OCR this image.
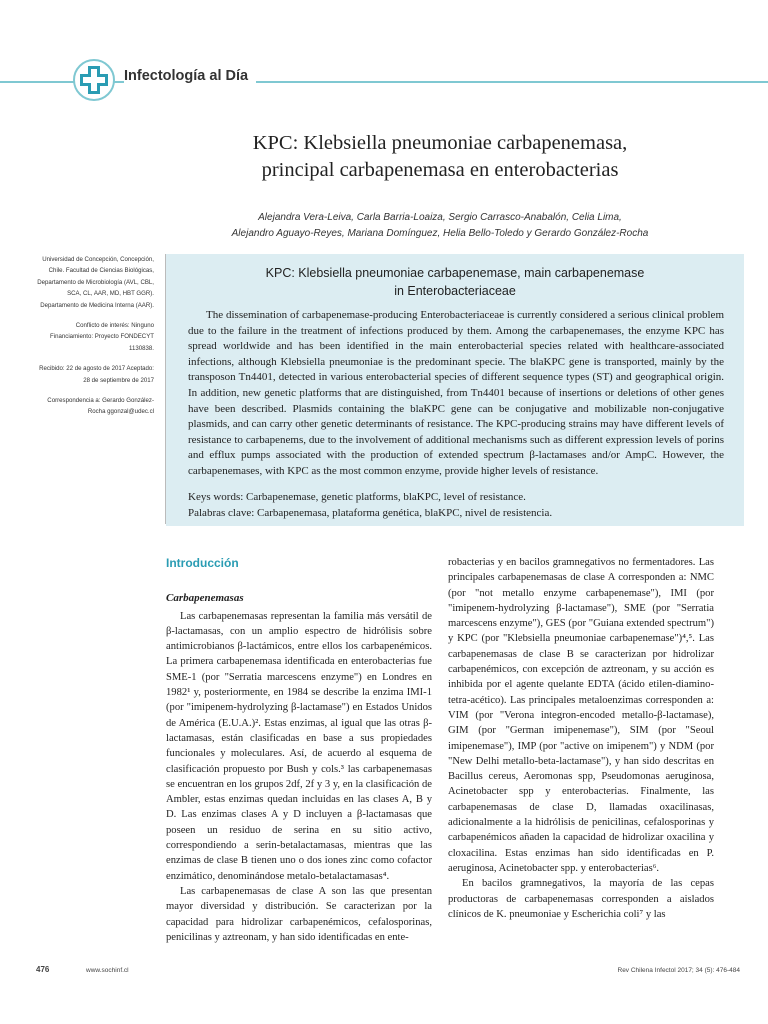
Infectología al Día
KPC: Klebsiella pneumoniae carbapenemasa,
principal carbapenemasa en enterobacterias
Alejandra Vera-Leiva, Carla Barria-Loaiza, Sergio Carrasco-Anabalón, Celia Lima,
Alejandro Aguayo-Reyes, Mariana Domínguez, Helia Bello-Toledo y Gerardo González-Rocha

Universidad de Concepción, Concepción, Chile. Facultad de Ciencias Biológicas, Departamento de Microbiología (AVL, CBL, SCA, CL, AAR, MD, HBT GGR). Departamento de Medicina Interna (AAR).

Conflicto de interés: Ninguno Financiamiento: Proyecto FONDECYT 1130838.

Recibido: 22 de agosto de 2017 Aceptado: 28 de septiembre de 2017

Correspondencia a: Gerardo González-Rocha ggonzal@udec.cl

KPC: Klebsiella pneumoniae carbapenemase, main carbapenemase
in Enterobacteriaceae

The dissemination of carbapenemase-producing Enterobacteriaceae is currently considered a serious clinical problem due to the failure in the treatment of infections produced by them. Among the carbapenemases, the enzyme KPC has spread worldwide and has been identified in the main enterobacterial species related with healthcare-associated infections, although Klebsiella pneumoniae is the predominant specie. The blaKPC gene is transported, mainly by the transposon Tn4401, detected in various enterobacterial species of different sequence types (ST) and geographical origin. In addition, new genetic platforms that are distinguished, from Tn4401 because of insertions or deletions of other genes have been described. Plasmids containing the blaKPC gene can be conjugative and mobilizable non-conjugative plasmids, and can carry other genetic determinants of resistance. The KPC-producing strains may have different levels of resistance to carbapenems, due to the involvement of additional mechanisms such as different expression levels of porins and efflux pumps associated with the production of extended spectrum β-lactamases and/or AmpC. However, the carbapenemases, with KPC as the most common enzyme, provide higher levels of resistance.

Keys words: Carbapenemase, genetic platforms, blaKPC, level of resistance.

Palabras clave: Carbapenemasa, plataforma genética, blaKPC, nivel de resistencia.

Introducción

Carbapenemasas

Las carbapenemasas representan la familia más versátil de β-lactamasas, con un amplio espectro de hidrólisis sobre antimicrobianos β-lactámicos, entre ellos los carbapenémicos. La primera carbapenemasa identificada en enterobacterias fue SME-1 (por "Serratia marcescens enzyme") en Londres en 1982¹ y, posteriormente, en 1984 se describe la enzima IMI-1 (por "imipenem-hydrolyzing β-lactamase") en Estados Unidos de América (E.U.A.)². Estas enzimas, al igual que las otras β-lactamasas, están clasificadas en base a sus propiedades funcionales y moleculares. Así, de acuerdo al esquema de clasificación propuesto por Bush y cols.³ las carbapenemasas se encuentran en los grupos 2df, 2f y 3 y, en la clasificación de Ambler, estas enzimas quedan incluidas en las clases A, B y D. Las enzimas clases A y D incluyen a β-lactamasas que poseen un residuo de serina en su sitio activo, correspondiendo a serin-betalactamasas, mientras que las enzimas de clase B tienen uno o dos iones zinc como cofactor enzimático, denominándose metalo-betalactamasas⁴.

Las carbapenemasas de clase A son las que presentan mayor diversidad y distribución. Se caracterizan por la capacidad para hidrolizar carbapenémicos, cefalosporinas, penicilinas y aztreonam, y han sido identificadas en ente-

robacterias y en bacilos gramnegativos no fermentadores. Las principales carbapenemasas de clase A corresponden a: NMC (por "not metallo enzyme carbapenemase"), IMI (por "imipenem-hydrolyzing β-lactamase"), SME (por "Serratia marcescens enzyme"), GES (por "Guiana extended spectrum") y KPC (por "Klebsiella pneumoniae carbapenemase")⁴,⁵. Las carbapenemasas de clase B se caracterizan por hidrolizar carbapenémicos, con excepción de aztreonam, y su acción es inhibida por el agente quelante EDTA (ácido etilen-diamino-tetra-acético). Las principales metaloenzimas corresponden a: VIM (por "Verona integron-encoded metallo-β-lactamase), GIM (por "German imipenemase"), SIM (por "Seoul imipenemase"), IMP (por "active on imipenem") y NDM (por "New Delhi metallo-beta-lactamase"), y han sido descritas en Bacillus cereus, Aeromonas spp, Pseudomonas aeruginosa, Acinetobacter spp y enterobacterias. Finalmente, las carbapenemasas de clase D, llamadas oxacilinasas, adicionalmente a la hidrólisis de penicilinas, cefalosporinas y carbapenémicos añaden la capacidad de hidrolizar oxacilina y cloxacilina. Estas enzimas han sido identificadas en P. aeruginosa, Acinetobacter spp. y enterobacterias⁶.

En bacilos gramnegativos, la mayoría de las cepas productoras de carbapenemasas corresponden a aislados clínicos de K. pneumoniae y Escherichia coli⁷ y las

476	www.sochinf.cl	Rev Chilena Infectol 2017; 34 (5): 476-484
